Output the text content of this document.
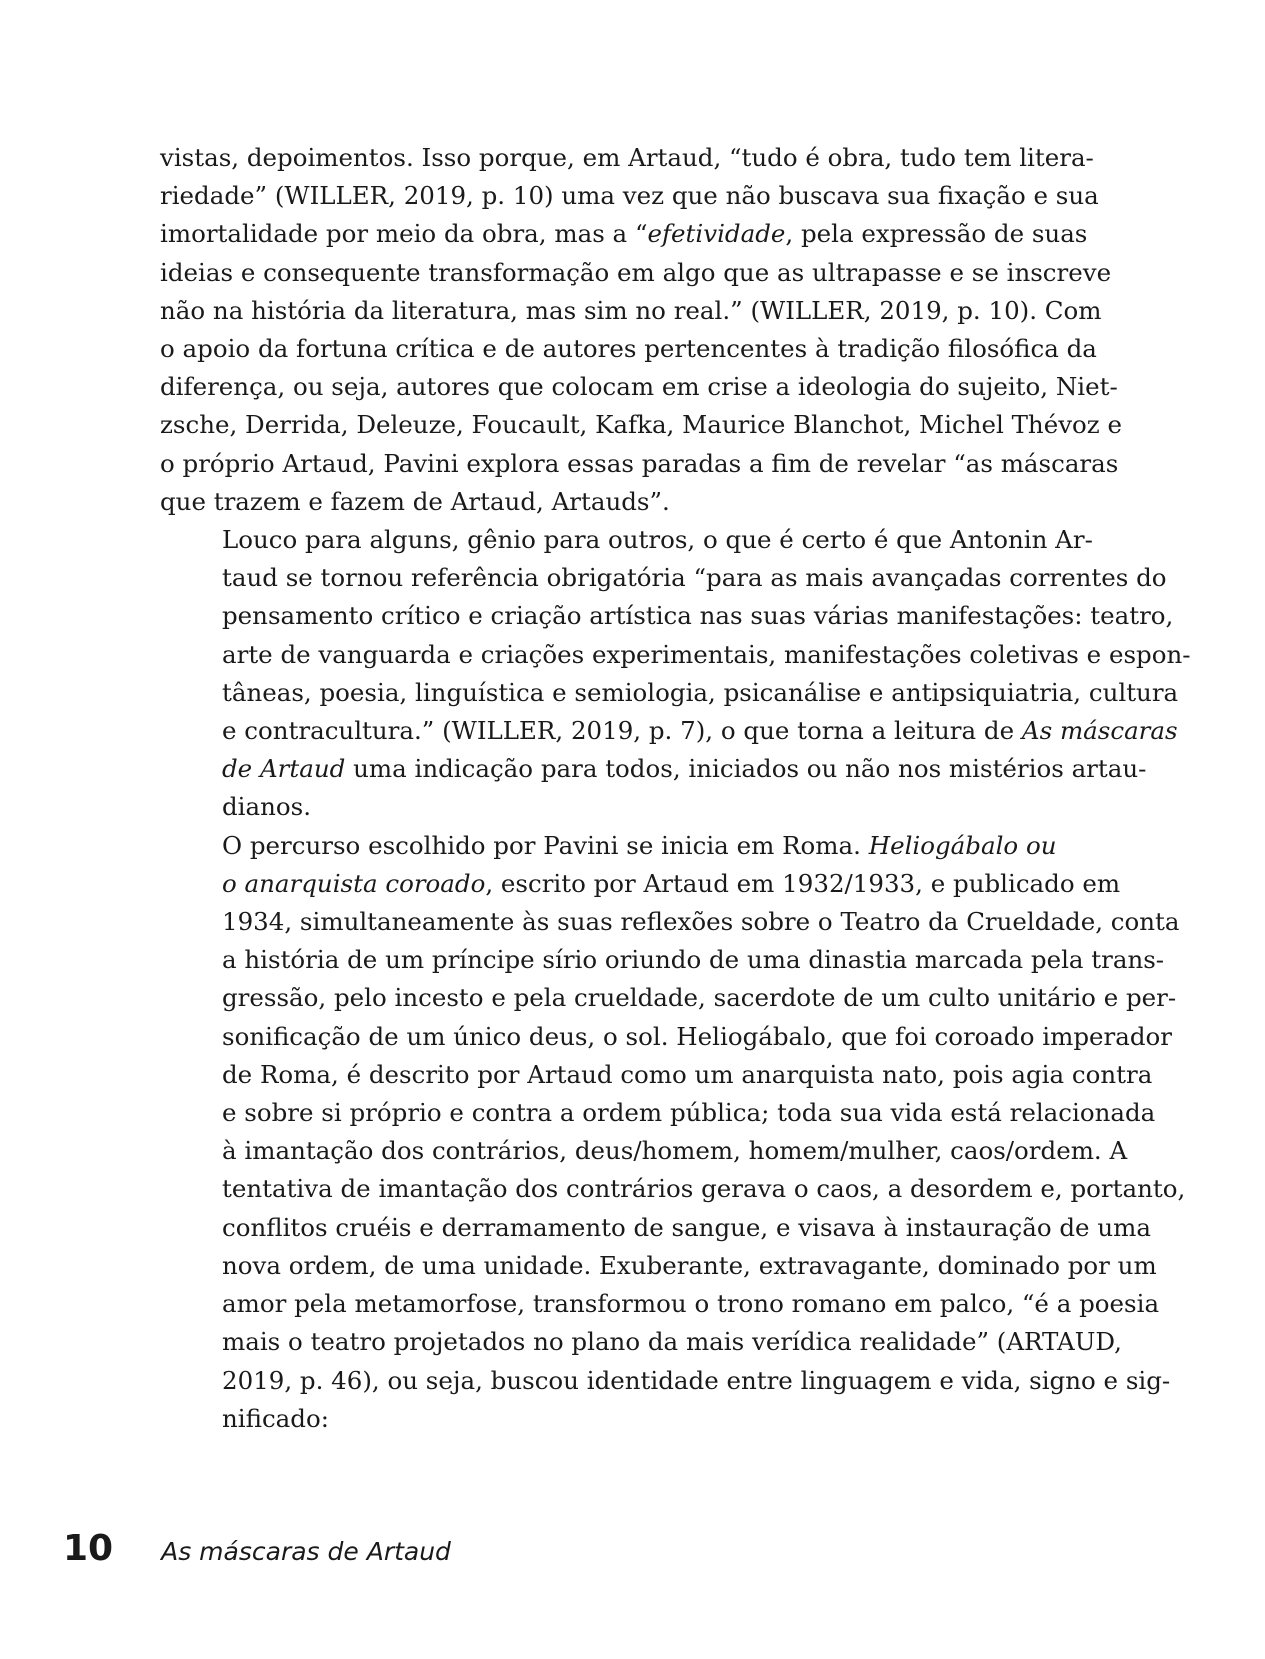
vistas, depoimentos. Isso porque, em Artaud, “tudo é obra, tudo tem litera-
riedade” (WILLER, 2019, p. 10) uma vez que não buscava sua fixação e sua
imortalidade por meio da obra, mas a “efetividade, pela expressão de suas
ideias e consequente transformação em algo que as ultrapasse e se inscreve
não na história da literatura, mas sim no real.” (WILLER, 2019, p. 10). Com
o apoio da fortuna crítica e de autores pertencentes à tradição filosófica da
diferença, ou seja, autores que colocam em crise a ideologia do sujeito, Niet-
zsche, Derrida, Deleuze, Foucault, Kafka, Maurice Blanchot, Michel Thévoz e
o próprio Artaud, Pavini explora essas paradas a fim de revelar “as máscaras
que trazem e fazem de Artaud, Artauds”.

Louco para alguns, gênio para outros, o que é certo é que Antonin Ar-
taud se tornou referência obrigatória “para as mais avançadas correntes do
pensamento crítico e criação artística nas suas várias manifestações: teatro,
arte de vanguarda e criações experimentais, manifestações coletivas e espon-
tâneas, poesia, linguística e semiologia, psicanálise e antipsiquiatria, cultura
e contracultura.” (WILLER, 2019, p. 7), o que torna a leitura de As máscaras
de Artaud uma indicação para todos, iniciados ou não nos mistérios artau-
dianos.

O percurso escolhido por Pavini se inicia em Roma. Heliogábalo ou
o anarquista coroado, escrito por Artaud em 1932/1933, e publicado em
1934, simultaneamente às suas reflexões sobre o Teatro da Crueldade, conta
a história de um príncipe sírio oriundo de uma dinastia marcada pela trans-
gressão, pelo incesto e pela crueldade, sacerdote de um culto unitário e per-
sonificação de um único deus, o sol. Heliogábalo, que foi coroado imperador
de Roma, é descrito por Artaud como um anarquista nato, pois agia contra
e sobre si próprio e contra a ordem pública; toda sua vida está relacionada
à imantação dos contrários, deus/homem, homem/mulher, caos/ordem. A
tentativa de imantação dos contrários gerava o caos, a desordem e, portanto,
conflitos cruéis e derramamento de sangue, e visava à instauração de uma
nova ordem, de uma unidade. Exuberante, extravagante, dominado por um
amor pela metamorfose, transformou o trono romano em palco, “é a poesia
mais o teatro projetados no plano da mais verídica realidade” (ARTAUD,
2019, p. 46), ou seja, buscou identidade entre linguagem e vida, signo e sig-
nificado:

10 As máscaras de Artaud
